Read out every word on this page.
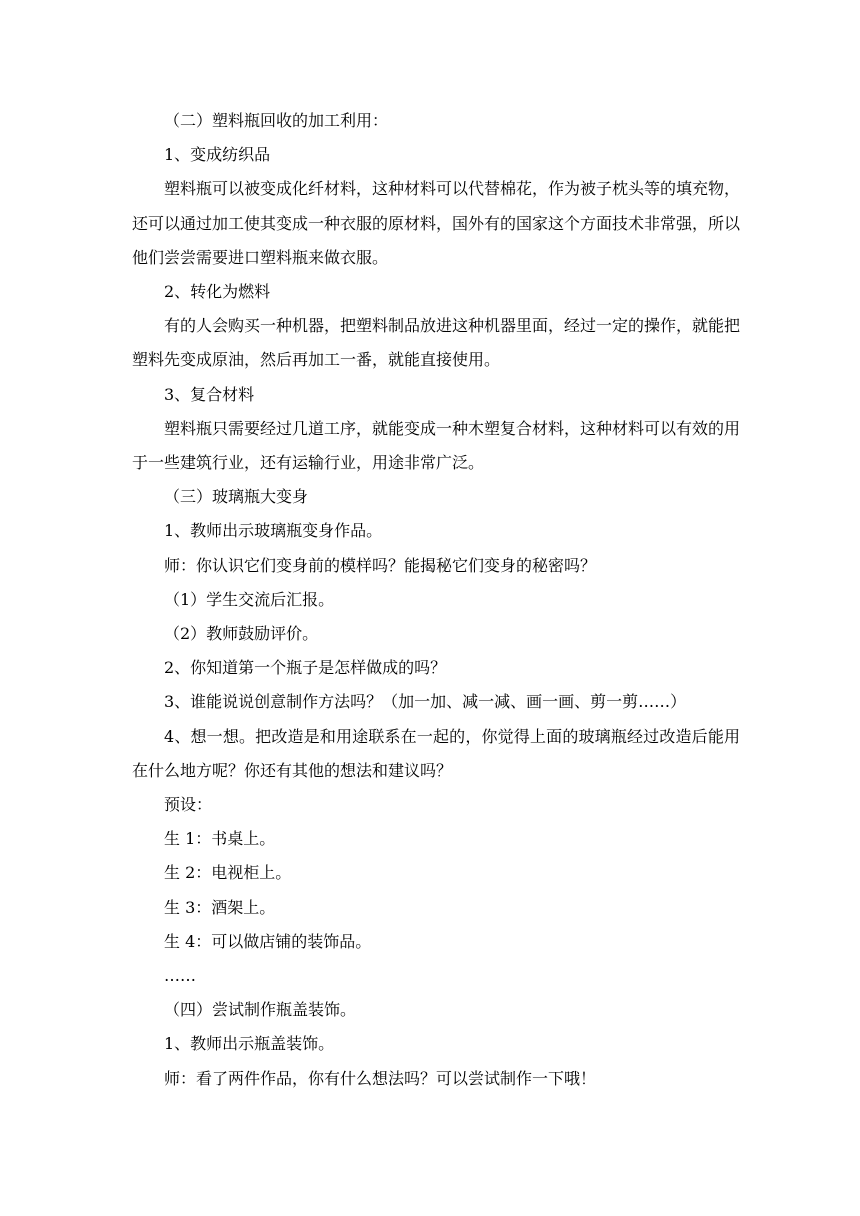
（二）塑料瓶回收的加工利用：

1、变成纺织品

塑料瓶可以被变成化纤材料，这种材料可以代替棉花，作为被子枕头等的填充物，还可以通过加工使其变成一种衣服的原材料，国外有的国家这个方面技术非常强，所以他们尝尝需要进口塑料瓶来做衣服。

2、转化为燃料

有的人会购买一种机器，把塑料制品放进这种机器里面，经过一定的操作，就能把塑料先变成原油，然后再加工一番，就能直接使用。

3、复合材料

塑料瓶只需要经过几道工序，就能变成一种木塑复合材料，这种材料可以有效的用于一些建筑行业，还有运输行业，用途非常广泛。

（三）玻璃瓶大变身

1、教师出示玻璃瓶变身作品。

师：你认识它们变身前的模样吗？能揭秘它们变身的秘密吗？

（1）学生交流后汇报。

（2）教师鼓励评价。

2、你知道第一个瓶子是怎样做成的吗？

3、谁能说说创意制作方法吗？（加一加、减一减、画一画、剪一剪……）

4、想一想。把改造是和用途联系在一起的，你觉得上面的玻璃瓶经过改造后能用在什么地方呢？你还有其他的想法和建议吗？

预设：

生 1：书桌上。

生 2：电视柜上。

生 3：酒架上。

生 4：可以做店铺的装饰品。

……

（四）尝试制作瓶盖装饰。

1、教师出示瓶盖装饰。

师：看了两件作品，你有什么想法吗？可以尝试制作一下哦！
